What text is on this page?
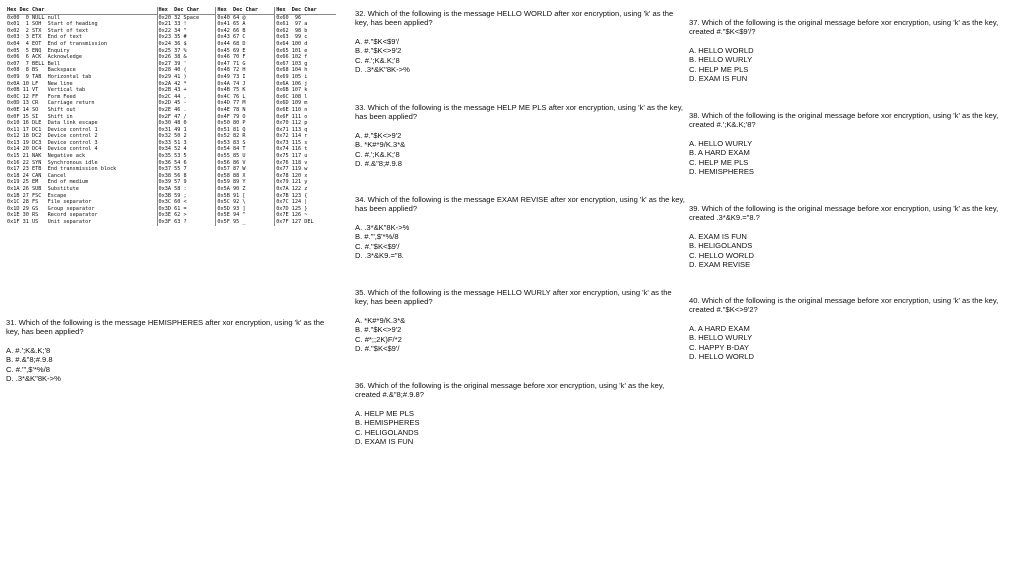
Hex Dec Char
0x00  0 NULL null
0x01  1 SOH  Start of heading
0x02  2 STX  Start of text
0x03  3 ETX  End of text
0x04  4 EOT  End of transmission
0x05  5 ENQ  Enquiry
0x06  6 ACK  Acknowledge
0x07  7 BELL Bell
0x08  8 BS   Backspace
0x09  9 TAB  Horizontal tab
0x0A 10 LF   New line
0x0B 11 VT   Vertical tab
0x0C 12 FF   Form Feed
0x0D 13 CR   Carriage return
0x0E 14 SO   Shift out
0x0F 15 SI   Shift in
0x10 16 DLE  Data link escape
0x11 17 DC1  Device control 1
0x12 18 DC2  Device control 2
0x13 19 DC3  Device control 3
0x14 20 DC4  Device control 4
0x15 21 NAK  Negative ack
0x16 22 SYN  Synchronous idle
0x17 23 ETB  End transmission block
0x18 24 CAN  Cancel
0x19 25 EM   End of medium
0x1A 26 SUB  Substitute
0x1B 27 FSC  Escape
0x1C 28 FS   File separator
0x1D 29 GS   Group separator
0x1E 30 RS   Record separator
0x1F 31 US   Unit separator
Hex  Dec Char
0x20 32 Space
0x21 33 !
0x22 34 "
0x23 35 #
0x24 36 $
0x25 37 %
0x26 38 &
0x27 39 '
0x28 40 (
0x29 41 )
0x2A 42 *
0x2B 43 +
0x2C 44 ,
0x2D 45 -
0x2E 46 .
0x2F 47 /
0x30 48 0
0x31 49 1
0x32 50 2
0x33 51 3
0x34 52 4
0x35 53 5
0x36 54 6
0x37 55 7
0x38 56 8
0x39 57 9
0x3A 58 :
0x3B 59 ;
0x3C 60 <
0x3D 61 =
0x3E 62 >
0x3F 63 ?
Hex  Dec Char
0x40 64 @
0x41 65 A
0x42 66 B
0x43 67 C
0x44 68 D
0x45 69 E
0x46 70 F
0x47 71 G
0x48 72 H
0x49 73 I
0x4A 74 J
0x4B 75 K
0x4C 76 L
0x4D 77 M
0x4E 78 N
0x4F 79 O
0x50 80 P
0x51 81 Q
0x52 82 R
0x53 83 S
0x54 84 T
0x55 85 U
0x56 86 V
0x57 87 W
0x58 88 X
0x59 89 Y
0x5A 90 Z
0x5B 91 [
0x5C 92 \
0x5D 93 ]
0x5E 94 ^
0x5F 95 _
Hex  Dec Char
0x60  96 `
0x61  97 a
0x62  98 b
0x63  99 c
0x64 100 d
0x65 101 e
0x66 102 f
0x67 103 g
0x68 104 h
0x69 105 i
0x6A 106 j
0x6B 107 k
0x6C 108 l
0x6D 109 m
0x6E 110 n
0x6F 111 o
0x70 112 p
0x71 113 q
0x72 114 r
0x73 115 s
0x74 116 t
0x75 117 u
0x76 118 v
0x77 119 w
0x78 120 x
0x79 121 y
0x7A 122 z
0x7B 123 {
0x7C 124 |
0x7D 125 }
0x7E 126 ~
0x7F 127 DEL
31. Which of the following is the message HEMISPHERES after xor encryption, using 'k' as the key, has been applied?
A. #.';K&.K;'8
B. #.&"8;#.9.8
C. #.'",$'*%/8
D. .3*&K"8K->%
32. Which of the following is the message HELLO WORLD after xor encryption, using 'k' as the key, has been applied?
A. #."$K<$9'/
B. #."$K<>9'2
C. #.';K&.K;'8
D. .3*&K"8K->%
33. Which of the following is the message HELP ME PLS after xor encryption, using 'k' as the key, has been applied?
A. #."$K<>9'2
B. *K#*9/K.3*&
C. #.';K&.K;'8
D. #.&"8;#.9.8
34. Which of the following is the message EXAM REVISE after xor encryption, using 'k' as the key, has been applied?
A. .3*&K"8K->%
B. #.'",$'*%/8
C. #."$K<$9'/
D. .3*&K9.="8.
35. Which of the following is the message HELLO WURLY after xor encryption, using 'k' as the key, has been applied?
A. *K#*9/K.3*&
B. #."$K<>9'2
C. #*;;2K)F/*2
D. #."$K<$9'/
36. Which of the following is the original message before xor encryption, using 'k' as the key, created #.&"8;#.9.8?
A. HELP ME PLS
B. HEMISPHERES
C. HELIGOLANDS
D. EXAM IS FUN
37. Which of the following is the original message before xor encryption, using 'k' as the key, created #."$K<$9'/?
A. HELLO WORLD
B. HELLO WURLY
C. HELP ME PLS
D. EXAM IS FUN
38. Which of the following is the original message before xor encryption, using 'k' as the key, created #.';K&.K;'8?
A. HELLO WURLY
B. A HARD EXAM
C. HELP ME PLS
D. HEMISPHERES
39. Which of the following is the original message before xor encryption, using 'k' as the key, created .3*&K9.="8.?
A. EXAM IS FUN
B. HELIGOLANDS
C. HELLO WORLD
D. EXAM REVISE
40. Which of the following is the original message before xor encryption, using 'k' as the key, created #."$K<>9'2?
A. A HARD EXAM
B. HELLO WURLY
C. HAPPY B-DAY
D. HELLO WORLD
